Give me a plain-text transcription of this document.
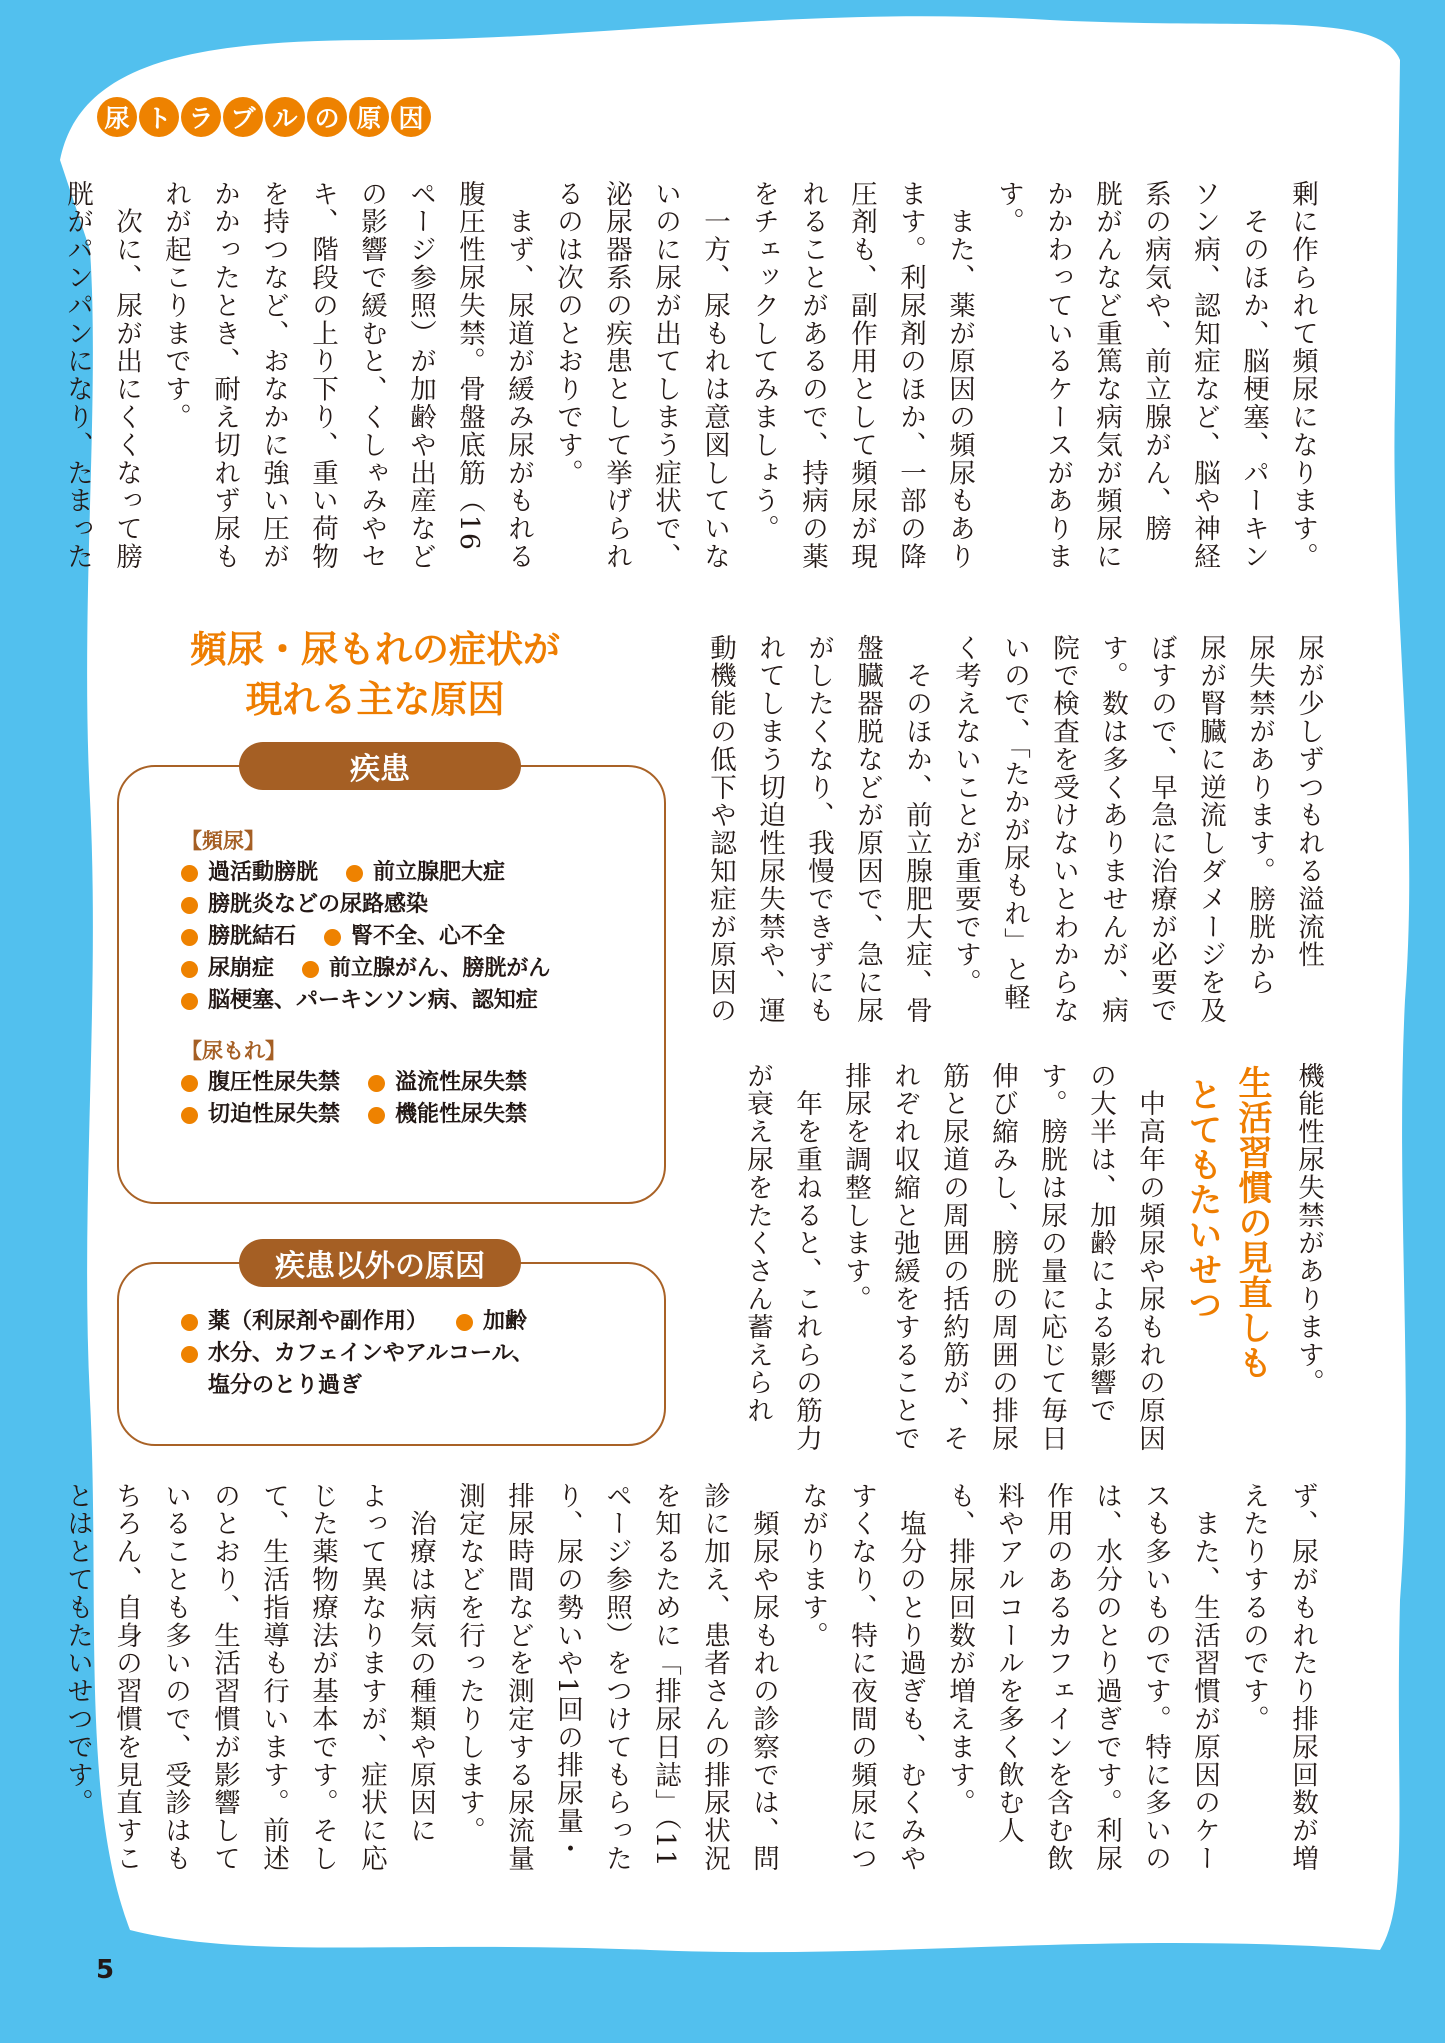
尿 ト ラ ブ ル の 原 因
剰に作られて頻尿になります。
　そのほか、脳梗塞、パーキン
ソン病、認知症など、脳や神経
系の病気や、前立腺がん、膀
胱がんなど重篤な病気が頻尿に
かかわっているケースがありま
す。
　また、薬が原因の頻尿もあり
ます。利尿剤のほか、一部の降
圧剤も、副作用として頻尿が現
れることがあるので、持病の薬
をチェックしてみましょう。
　一方、尿もれは意図していな
いのに尿が出てしまう症状で、
泌尿器系の疾患として挙げられ
るのは次のとおりです。
　まず、尿道が緩み尿がもれる
腹圧性尿失禁。骨盤底筋（16
ページ参照）が加齢や出産など
の影響で緩むと、くしゃみやセ
キ、階段の上り下り、重い荷物
を持つなど、おなかに強い圧が
かかったとき、耐え切れず尿も
れが起こりまです。
　次に、尿が出にくくなって膀
胱がパンパンになり、たまった
尿が少しずつもれる溢流性
尿失禁があります。膀胱から
尿が腎臓に逆流しダメージを及
ぼすので、早急に治療が必要で
す。数は多くありませんが、病
院で検査を受けないとわからな
いので、「たかが尿もれ」と軽
く考えないことが重要です。
　そのほか、前立腺肥大症、骨
盤臓器脱などが原因で、急に尿
がしたくなり、我慢できずにも
れてしまう切迫性尿失禁や、運
動機能の低下や認知症が原因の
機能性尿失禁があります。
　中高年の頻尿や尿もれの原因
の大半は、加齢による影響で
す。膀胱は尿の量に応じて毎日
伸び縮みし、膀胱の周囲の排尿
筋と尿道の周囲の括約筋が、そ
れぞれ収縮と弛緩をすることで
排尿を調整します。
　年を重ねると、これらの筋力
が衰え尿をたくさん蓄えられ	生活習慣の見直しも
とてもたいせつ
ず、尿がもれたり排尿回数が増
えたりするのです。
　また、生活習慣が原因のケー
スも多いものです。特に多いの
は、水分のとり過ぎです。利尿
作用のあるカフェインを含む飲
料やアルコールを多く飲む人
も、排尿回数が増えます。
　塩分のとり過ぎも、むくみや
すくなり、特に夜間の頻尿につ
ながります。
　頻尿や尿もれの診察では、問
診に加え、患者さんの排尿状況
を知るために「排尿日誌」（11
ページ参照）をつけてもらった
り、尿の勢いや1回の排尿量・
排尿時間などを測定する尿流量
測定などを行ったりします。
　治療は病気の種類や原因に
よって異なりますが、症状に応
じた薬物療法が基本です。そし
て、生活指導も行います。前述
のとおり、生活習慣が影響して
いることも多いので、受診はも
ちろん、自身の習慣を見直すこ
とはとてもたいせつです。
頻尿・尿もれの症状が
現れる主な原因
疾患
【頻尿】
過活動膀胱	前立腺肥大症
膀胱炎などの尿路感染
膀胱結石	腎不全、心不全
尿崩症	前立腺がん、膀胱がん
脳梗塞、パーキンソン病、認知症
【尿もれ】
腹圧性尿失禁	溢流性尿失禁
切迫性尿失禁	機能性尿失禁
疾患以外の原因
薬（利尿剤や副作用）	加齢
水分、カフェインやアルコール、
塩分のとり過ぎ
5
